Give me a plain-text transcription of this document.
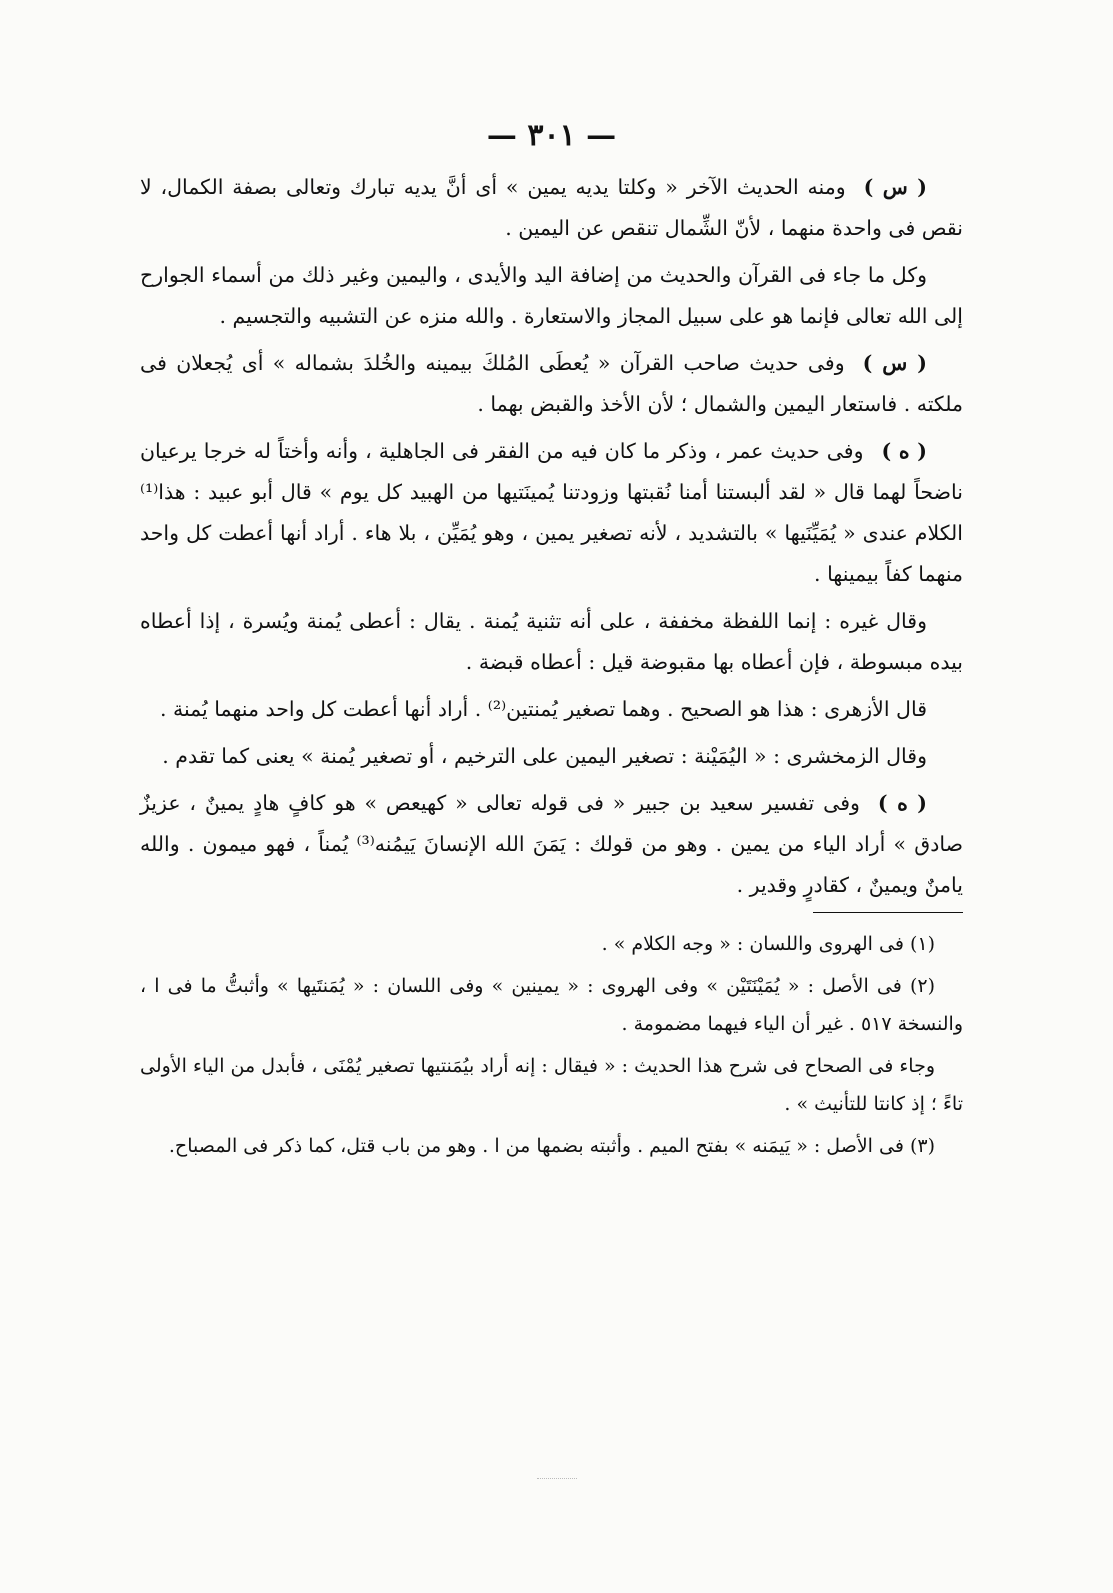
— ٣٠١ —

( س )ومنه الحديث الآخر « وكلتا يديه يمين » أى أنَّ يديه تبارك وتعالى بصفة الكمال، لا نقص فى واحدة منهما ، لأنّ الشِّمال تنقص عن اليمين .

وكل ما جاء فى القرآن والحديث من إضافة اليد والأيدى ، واليمين وغير ذلك من أسماء الجوارح إلى الله تعالى فإنما هو على سبيل المجاز والاستعارة . والله منزه عن التشبيه والتجسيم .

( س )وفى حديث صاحب القرآن « يُعطَى المُلكَ بيمينه والخُلدَ بشماله » أى يُجعلان فى ملكته . فاستعار اليمين والشمال ؛ لأن الأخذ والقبض بهما .

( ه )وفى حديث عمر ، وذكر ما كان فيه من الفقر فى الجاهلية ، وأنه وأختاً له خرجا يرعيان ناضحاً لهما قال « لقد ألبستنا أمنا نُقبتها وزودتنا يُمينَتيها من الهبيد كل يوم » قال أبو عبيد : هذا⁽¹⁾ الكلام عندى « يُمَيِّنَيها » بالتشديد ، لأنه تصغير يمين ، وهو يُمَيِّن ، بلا هاء . أراد أنها أعطت كل واحد منهما كفاً بيمينها .

وقال غيره : إنما اللفظة مخففة ، على أنه تثنية يُمنة . يقال : أعطى يُمنة ويُسرة ، إذا أعطاه بيده مبسوطة ، فإن أعطاه بها مقبوضة قيل : أعطاه قبضة .

قال الأزهرى : هذا هو الصحيح . وهما تصغير يُمنتين⁽²⁾ . أراد أنها أعطت كل واحد منهما يُمنة .

وقال الزمخشرى : « اليُمَيْنة : تصغير اليمين على الترخيم ، أو تصغير يُمنة » يعنى كما تقدم .

( ه )وفى تفسير سعيد بن جبير « فى قوله تعالى « كهيعص » هو كافٍ هادٍ يمينٌ ، عزيزٌ صادق » أراد الياء من يمين . وهو من قولك : يَمَنَ الله الإنسانَ يَيمُنه⁽³⁾ يُمناً ، فهو ميمون . والله يامنٌ ويمينٌ ، كقادرٍ وقدير .

(١) فى الهروى واللسان : « وجه الكلام » .

(٢) فى الأصل : « يُمَيْنَتَيْن » وفى الهروى : « يمينين » وفى اللسان : « يُمَنتَيها » وأثبتُّ ما فى ا ، والنسخة ٥١٧ . غير أن الياء فيهما مضمومة .

وجاء فى الصحاح فى شرح هذا الحديث : « فيقال : إنه أراد بيُمَنتيها تصغير يُمْنَى ، فأبدل من الياء الأولى تاءً ؛ إذ كانتا للتأنيث » .

(٣) فى الأصل : « يَيمَنه » بفتح الميم . وأثبته بضمها من ا . وهو من باب قتل، كما ذكر فى المصباح.
